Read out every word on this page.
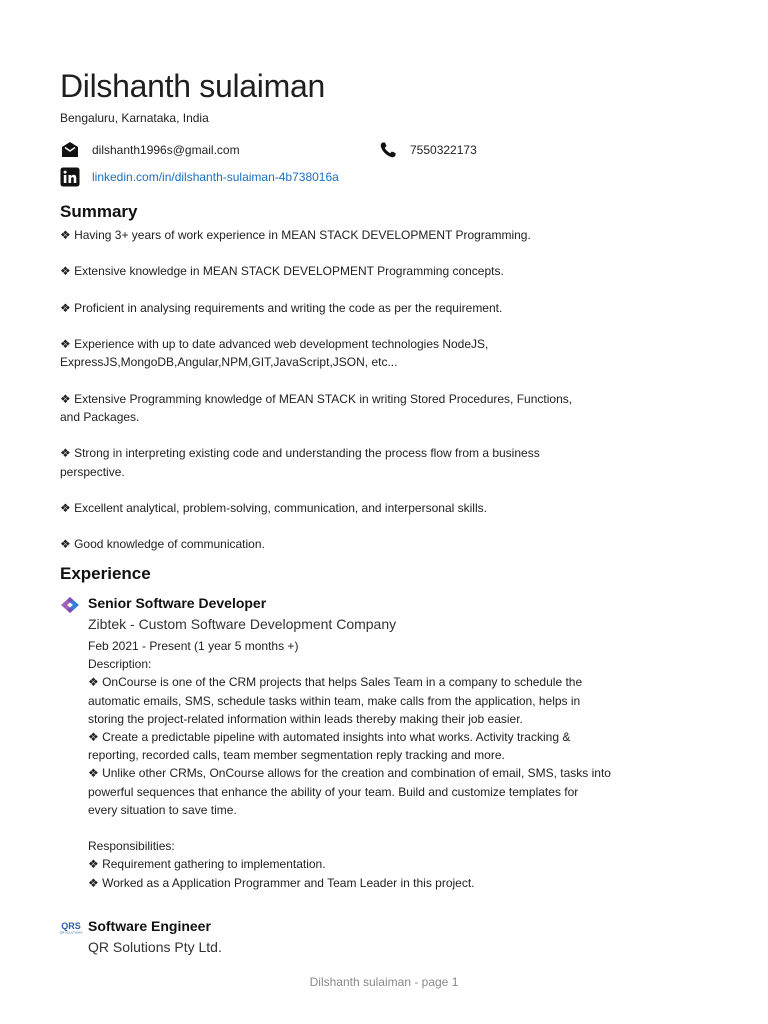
Dilshanth sulaiman
Bengaluru, Karnataka, India
dilshanth1996s@gmail.com	7550322173
linkedin.com/in/dilshanth-sulaiman-4b738016a
Summary
❖ Having 3+ years of work experience in MEAN STACK DEVELOPMENT Programming.
❖ Extensive knowledge in MEAN STACK DEVELOPMENT Programming concepts.
❖ Proficient in analysing requirements and writing the code as per the requirement.
❖ Experience with up to date advanced web development technologies NodeJS, ExpressJS,MongoDB,Angular,NPM,GIT,JavaScript,JSON, etc...
❖ Extensive Programming knowledge of MEAN STACK in writing Stored Procedures, Functions, and Packages.
❖ Strong in interpreting existing code and understanding the process flow from a business perspective.
❖ Excellent analytical, problem-solving, communication, and interpersonal skills.
❖ Good knowledge of communication.
Experience
Senior Software Developer
Zibtek - Custom Software Development Company
Feb 2021 - Present (1 year 5 months +)
Description:
❖ OnCourse is one of the CRM projects that helps Sales Team in a company to schedule the
automatic emails, SMS, schedule tasks within team, make calls from the application, helps in
storing the project-related information within leads thereby making their job easier.
❖ Create a predictable pipeline with automated insights into what works. Activity tracking &
reporting, recorded calls, team member segmentation reply tracking and more.
❖ Unlike other CRMs, OnCourse allows for the creation and combination of email, SMS, tasks into
powerful sequences that enhance the ability of your team. Build and customize templates for
every situation to save time.
Responsibilities:
❖ Requirement gathering to implementation.
❖ Worked as a Application Programmer and Team Leader in this project.
QRS
QR SOLUTIONS Software Engineer
QR Solutions Pty Ltd.
Dilshanth sulaiman - page 1
